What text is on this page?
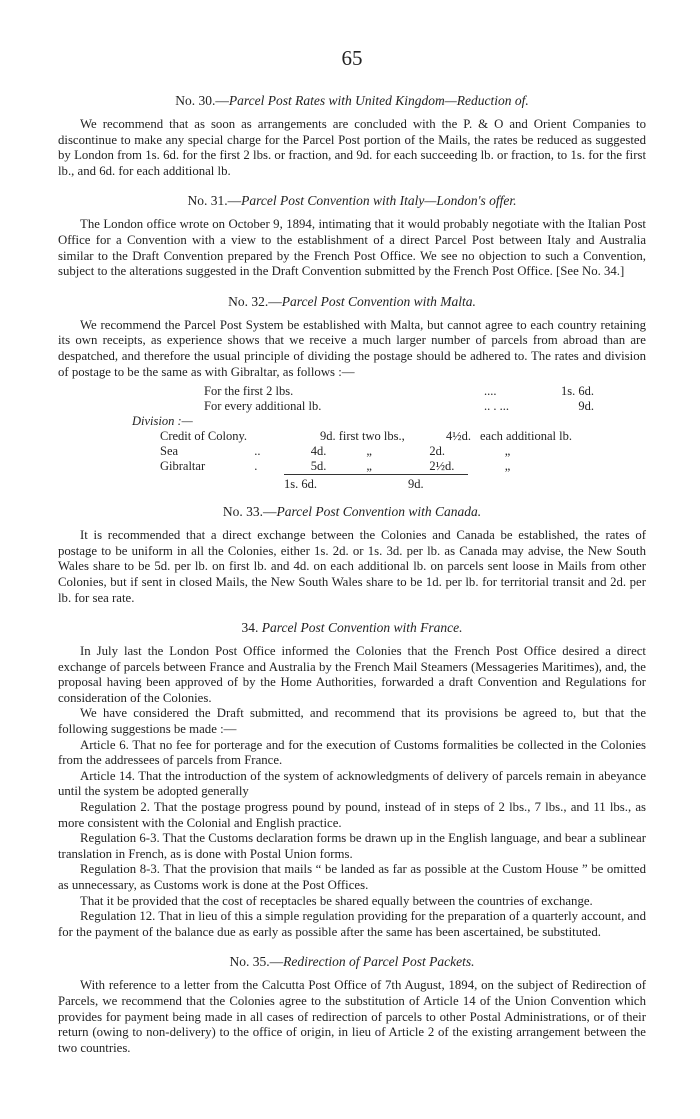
65
No. 30.—Parcel Post Rates with United Kingdom—Reduction of.

We recommend that as soon as arrangements are concluded with the P. & O and Orient Companies to discontinue to make any special charge for the Parcel Post portion of the Mails, the rates be reduced as suggested by London from 1s. 6d. for the first 2 lbs. or fraction, and 9d. for each succeeding lb. or fraction, to 1s. for the first lb., and 6d. for each additional lb.

No. 31.—Parcel Post Convention with Italy—London's offer.

The London office wrote on October 9, 1894, intimating that it would probably negotiate with the Italian Post Office for a Convention with a view to the establishment of a direct Parcel Post between Italy and Australia similar to the Draft Convention prepared by the French Post Office. We see no objection to such a Convention, subject to the alterations suggested in the Draft Convention submitted by the French Post Office. [See No. 34.]

No. 32.—Parcel Post Convention with Malta.

We recommend the Parcel Post System be established with Malta, but cannot agree to each country retaining its own receipts, as experience shows that we receive a much larger number of parcels from abroad than are despatched, and therefore the usual principle of dividing the postage should be adhered to. The rates and division of postage to be the same as with Gibraltar, as follows :—

For the first 2 lbs.	....	1s. 6d.
For every additional lb.	.. . ...	9d.
Division :—
Credit of Colony.	9d. first two lbs.,	4½d. each additional lb.
Sea	..	4d.	„	2d.	„
Gibraltar	.	5d.	„	2½d.	„
1s. 6d.	9d.
No. 33.—Parcel Post Convention with Canada.

It is recommended that a direct exchange between the Colonies and Canada be established, the rates of postage to be uniform in all the Colonies, either 1s. 2d. or 1s. 3d. per lb. as Canada may advise, the New South Wales share to be 5d. per lb. on first lb. and 4d. on each additional lb. on parcels sent loose in Mails from other Colonies, but if sent in closed Mails, the New South Wales share to be 1d. per lb. for territorial transit and 2d. per lb. for sea rate.

34. Parcel Post Convention with France.

In July last the London Post Office informed the Colonies that the French Post Office desired a direct exchange of parcels between France and Australia by the French Mail Steamers (Messageries Maritimes), and, the proposal having been approved of by the Home Authorities, forwarded a draft Convention and Regulations for consideration of the Colonies.

We have considered the Draft submitted, and recommend that its provisions be agreed to, but that the following suggestions be made :—

Article 6. That no fee for porterage and for the execution of Customs formalities be collected in the Colonies from the addressees of parcels from France.

Article 14. That the introduction of the system of acknowledgments of delivery of parcels remain in abeyance until the system be adopted generally

Regulation 2. That the postage progress pound by pound, instead of in steps of 2 lbs., 7 lbs., and 11 lbs., as more consistent with the Colonial and English practice.

Regulation 6-3. That the Customs declaration forms be drawn up in the English language, and bear a sublinear translation in French, as is done with Postal Union forms.

Regulation 8-3. That the provision that mails “ be landed as far as possible at the Custom House ” be omitted as unnecessary, as Customs work is done at the Post Offices.

That it be provided that the cost of receptacles be shared equally between the countries of exchange.

Regulation 12. That in lieu of this a simple regulation providing for the preparation of a quarterly account, and for the payment of the balance due as early as possible after the same has been ascertained, be substituted.

No. 35.—Redirection of Parcel Post Packets.

With reference to a letter from the Calcutta Post Office of 7th August, 1894, on the subject of Redirection of Parcels, we recommend that the Colonies agree to the substitution of Article 14 of the Union Convention which provides for payment being made in all cases of redirection of parcels to other Postal Administrations, or of their return (owing to non-delivery) to the office of origin, in lieu of Article 2 of the existing arrangement between the two countries.
